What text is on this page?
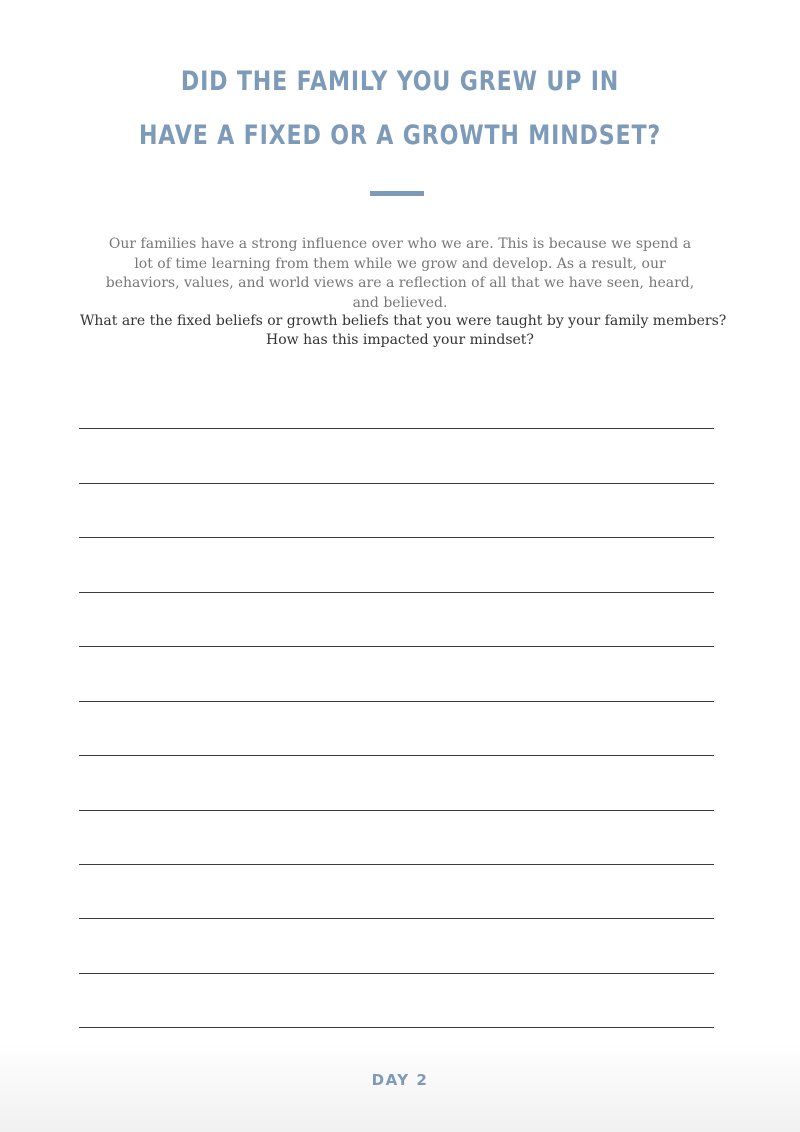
DID THE FAMILY YOU GREW UP IN
HAVE A FIXED OR A GROWTH MINDSET?
Our families have a strong influence over who we are. This is because we spend a lot of time learning from them while we grow and develop. As a result, our behaviors, values, and world views are a reflection of all that we have seen, heard, and believed.
What are the fixed beliefs or growth beliefs that you were taught by your family members?
How has this impacted your mindset?
DAY 2
